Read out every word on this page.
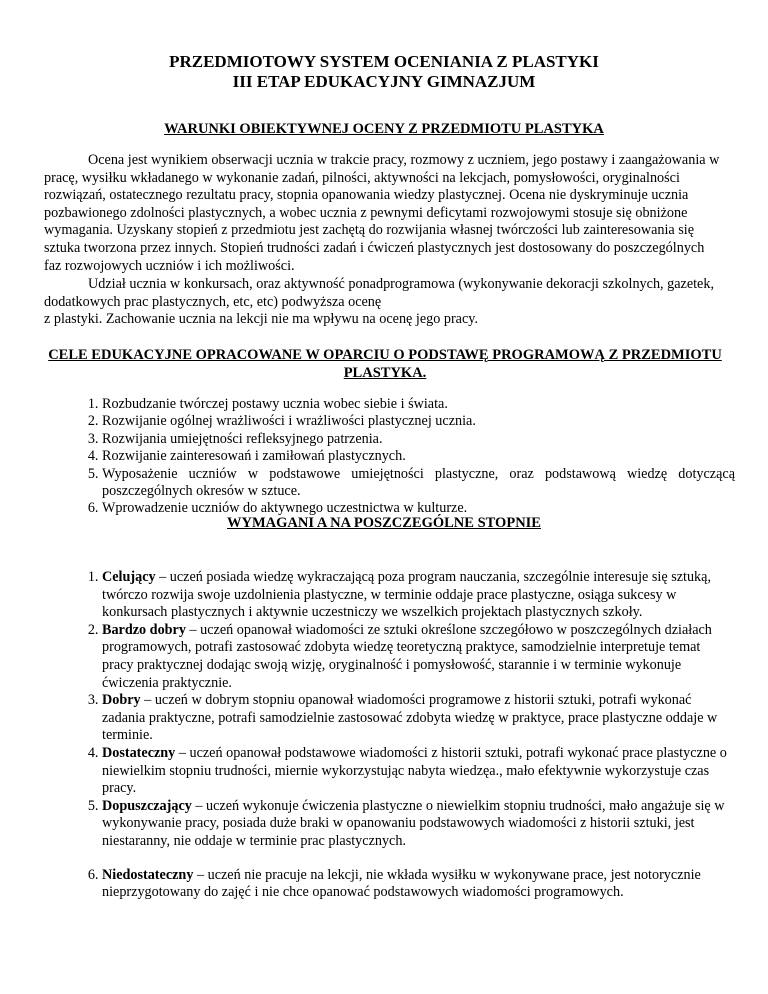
PRZEDMIOTOWY SYSTEM OCENIANIA Z PLASTYKI
III ETAP EDUKACYJNY GIMNAZJUM
WARUNKI OBIEKTYWNEJ OCENY Z PRZEDMIOTU PLASTYKA

Ocena jest wynikiem obserwacji ucznia w trakcie pracy, rozmowy z uczniem, jego postawy i zaangażowania w pracę, wysiłku wkładanego w wykonanie zadań, pilności, aktywności na lekcjach, pomysłowości, oryginalności rozwiązań, ostatecznego rezultatu pracy, stopnia opanowania wiedzy plastycznej. Ocena nie dyskryminuje ucznia pozbawionego zdolności plastycznych, a wobec ucznia z pewnymi deficytami rozwojowymi stosuje się obniżone wymagania. Uzyskany stopień z przedmiotu jest zachętą do rozwijania własnej twórczości lub zainteresowania się sztuka tworzona przez innych. Stopień trudności zadań i ćwiczeń plastycznych jest dostosowany do poszczególnych faz rozwojowych uczniów i ich możliwości.

Udział ucznia w konkursach, oraz aktywność ponadprogramowa (wykonywanie dekoracji szkolnych, gazetek, dodatkowych prac plastycznych, etc, etc) podwyższa ocenę
z plastyki. Zachowanie ucznia na lekcji nie ma wpływu na ocenę jego pracy.

CELE EDUKACYJNE OPRACOWANE W OPARCIU O PODSTAWĘ PROGRAMOWĄ Z PRZEDMIOTU PLASTYKA.
1. Rozbudzanie twórczej postawy ucznia wobec siebie i świata.
2. Rozwijanie ogólnej wrażliwości i wrażliwości plastycznej ucznia.
3. Rozwijania umiejętności refleksyjnego patrzenia.
4. Rozwijanie zainteresowań i zamiłowań plastycznych.
5. Wyposażenie uczniów w podstawowe umiejętności plastyczne, oraz podstawową wiedzę dotyczącą poszczególnych okresów w sztuce.
6. Wprowadzenie uczniów do aktywnego uczestnictwa w kulturze.
WYMAGANI A NA POSZCZEGÓLNE STOPNIE
1. Celujący – uczeń posiada wiedzę wykraczającą poza program nauczania, szczególnie interesuje się sztuką, twórczo rozwija swoje uzdolnienia plastyczne, w terminie oddaje prace plastyczne, osiąga sukcesy w konkursach plastycznych i aktywnie uczestniczy we wszelkich projektach plastycznych szkoły.
2. Bardzo dobry – uczeń opanował wiadomości ze sztuki określone szczegółowo w poszczególnych działach programowych, potrafi zastosować zdobyta wiedzę teoretyczną praktyce, samodzielnie interpretuje temat pracy praktycznej dodając swoją wizję, oryginalność i pomysłowość, starannie i w terminie wykonuje ćwiczenia praktycznie.
3. Dobry – uczeń w dobrym stopniu opanował wiadomości programowe z historii sztuki, potrafi wykonać zadania praktyczne, potrafi samodzielnie zastosować zdobyta wiedzę w praktyce, prace plastyczne oddaje w terminie.
4. Dostateczny – uczeń opanował podstawowe wiadomości z historii sztuki, potrafi wykonać prace plastyczne o niewielkim stopniu trudności, miernie wykorzystując nabyta wiedzęa., mało efektywnie wykorzystuje czas pracy.
5. Dopuszczający – uczeń wykonuje ćwiczenia plastyczne o niewielkim stopniu trudności, mało angażuje się w wykonywanie pracy, posiada duże braki w opanowaniu podstawowych wiadomości z historii sztuki, jest niestaranny, nie oddaje w terminie prac plastycznych.
6. Niedostateczny – uczeń nie pracuje na lekcji, nie wkłada wysiłku w wykonywane prace, jest notorycznie nieprzygotowany do zajęć i nie chce opanować podstawowych wiadomości programowych.
